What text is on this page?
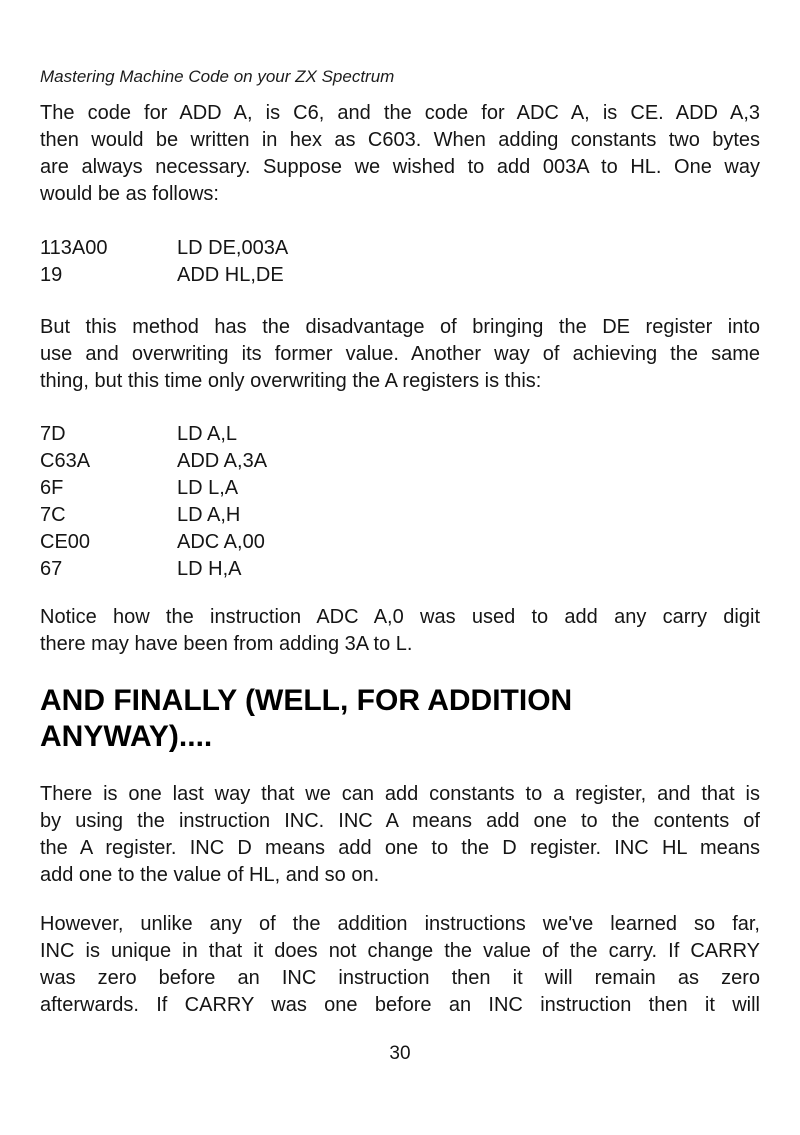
Mastering Machine Code on your ZX Spectrum
The code for ADD A, is C6, and the code for ADC A, is CE. ADD A,3
then would be written in hex as C603. When adding constants two bytes
are always necessary. Suppose we wished to add 003A to HL. One way
would be as follows:
113A00	LD DE,003A
19	ADD HL,DE
But this method has the disadvantage of bringing the DE register into
use and overwriting its former value. Another way of achieving the same
thing, but this time only overwriting the A registers is this:
7D	LD A,L
C63A	ADD A,3A
6F	LD L,A
7C	LD A,H
CE00	ADC A,00
67	LD H,A
Notice how the instruction ADC A,0 was used to add any carry digit
there may have been from adding 3A to L.
AND FINALLY (WELL, FOR ADDITION
ANYWAY)....
There is one last way that we can add constants to a register, and that is
by using the instruction INC. INC A means add one to the contents of
the A register. INC D means add one to the D register. INC HL means
add one to the value of HL, and so on.
However, unlike any of the addition instructions we've learned so far,
INC is unique in that it does not change the value of the carry. If CARRY
was zero before an INC instruction then it will remain as zero
afterwards. If CARRY was one before an INC instruction then it will
30
